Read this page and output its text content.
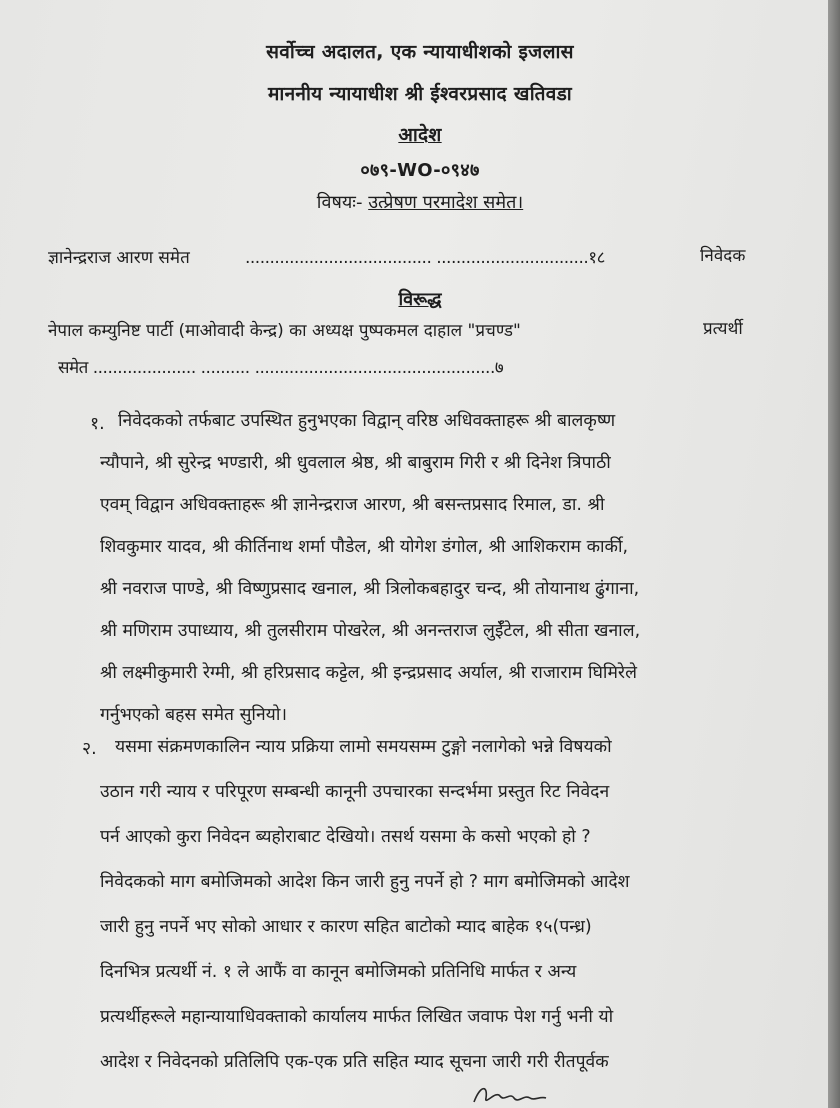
सर्वोच्च अदालत, एक न्यायाधीशको इजलास
माननीय न्यायाधीश श्री ईश्वरप्रसाद खतिवडा
आदेश
०७९-WO-०९४७
विषयः- उत्प्रेषण परमादेश समेत।
ज्ञानेन्द्रराज आरण समेत	...................................... ...............................१८	निवेदक
विरूद्ध
नेपाल कम्युनिष्ट पार्टी (माओवादी केन्द्र) का अध्यक्ष पुष्पकमल दाहाल "प्रचण्ड"	प्रत्यर्थी
समेत ..................... .......... .................................................७
१. निवेदकको तर्फबाट उपस्थित हुनुभएका विद्वान् वरिष्ठ अधिवक्ताहरू श्री बालकृष्ण
न्यौपाने, श्री सुरेन्द्र भण्डारी, श्री धुवलाल श्रेष्ठ, श्री बाबुराम गिरी र श्री दिनेश त्रिपाठी
एवम् विद्वान अधिवक्ताहरू श्री ज्ञानेन्द्रराज आरण, श्री बसन्तप्रसाद रिमाल, डा. श्री
शिवकुमार यादव, श्री कीर्तिनाथ शर्मा पौडेल, श्री योगेश डंगोल, श्री आशिकराम कार्की,
श्री नवराज पाण्डे, श्री विष्णुप्रसाद खनाल, श्री त्रिलोकबहादुर चन्द, श्री तोयानाथ ढुंगाना,
श्री मणिराम उपाध्याय, श्री तुलसीराम पोखरेल, श्री अनन्तराज लुईँटेल, श्री सीता खनाल,
श्री लक्ष्मीकुमारी रेग्मी, श्री हरिप्रसाद कट्टेल, श्री इन्द्रप्रसाद अर्याल, श्री राजाराम घिमिरेले
गर्नुभएको बहस समेत सुनियो।
२. यसमा संक्रमणकालिन न्याय प्रक्रिया लामो समयसम्म टुङ्गो नलागेको भन्ने विषयको
उठान गरी न्याय र परिपूरण सम्बन्धी कानूनी उपचारका सन्दर्भमा प्रस्तुत रिट निवेदन
पर्न आएको कुरा निवेदन ब्यहोराबाट देखियो। तसर्थ यसमा के कसो भएको हो ?
निवेदकको माग बमोजिमको आदेश किन जारी हुनु नपर्ने हो ? माग बमोजिमको आदेश
जारी हुनु नपर्ने भए सोको आधार र कारण सहित बाटोको म्याद बाहेक १५(पन्ध्र)
दिनभित्र प्रत्यर्थी नं. १ ले आफैं वा कानून बमोजिमको प्रतिनिधि मार्फत र अन्य
प्रत्यर्थीहरूले महान्यायाधिवक्ताको कार्यालय मार्फत लिखित जवाफ पेश गर्नु भनी यो
आदेश र निवेदनको प्रतिलिपि एक-एक प्रति सहित म्याद सूचना जारी गरी रीतपूर्वक
